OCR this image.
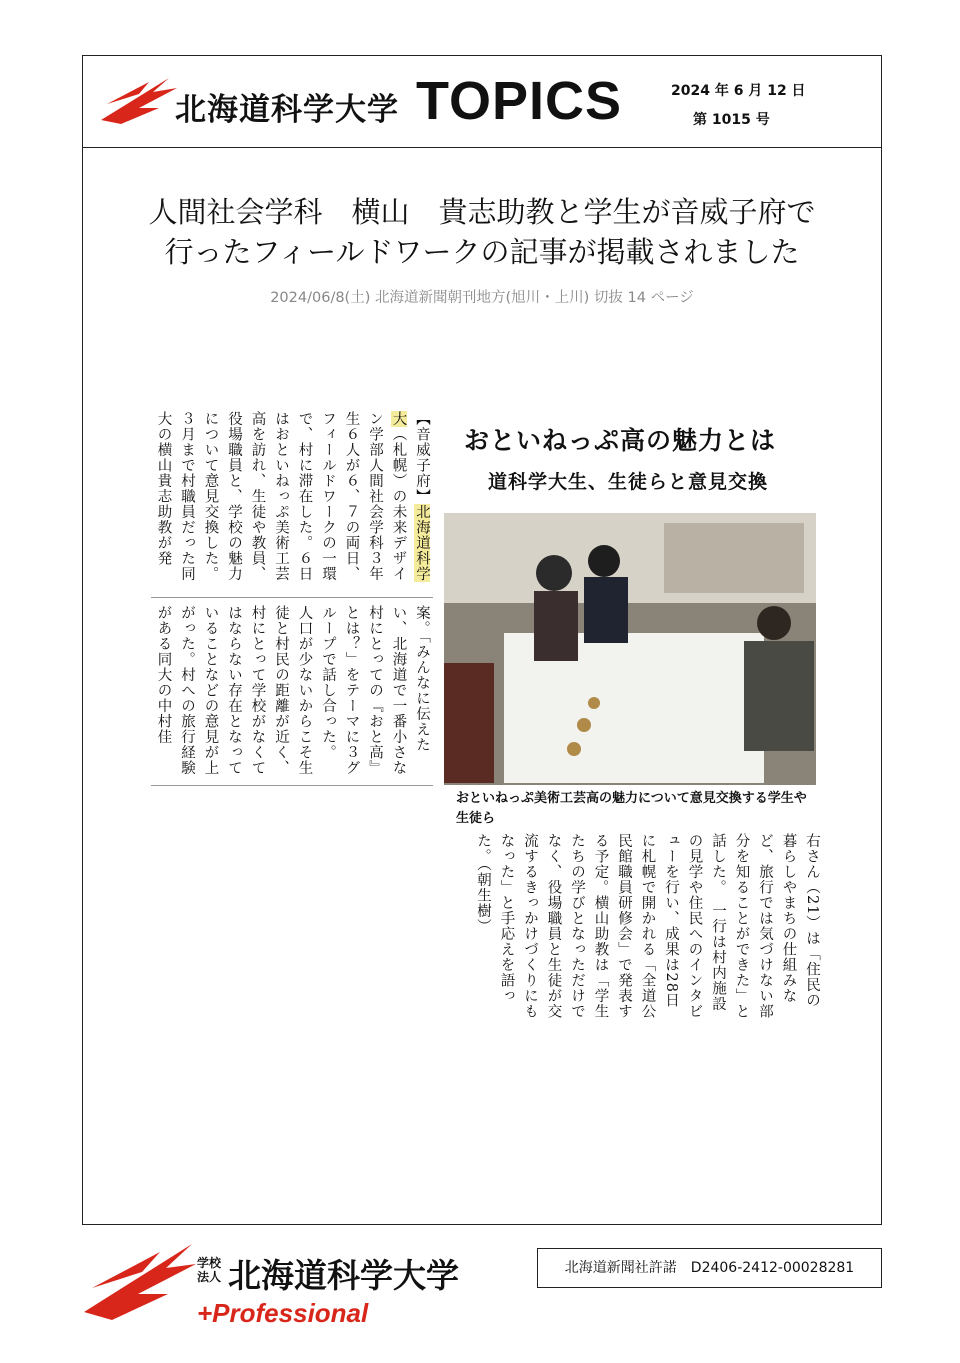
北海道科学大学 TOPICS	2024 年 6 月 12 日
第 1015 号
人間社会学科　横山　貴志助教と学生が音威子府で
行ったフィールドワークの記事が掲載されました
2024/06/8(土) 北海道新聞朝刊地方(旭川・上川) 切抜 14 ページ
【音威子府】北海道科学大（札幌）の未来デザイン学部人間社会学科３年生６人が６、７の両日、フィールドワークの一環で、村に滞在した。６日はおといねっぷ美術工芸高を訪れ、生徒や教員、役場職員と、学校の魅力について意見交換した。　３月まで村職員だった同大の横山貴志助教が発
案。「みんなに伝えたい、北海道で一番小さな村にとっての『おと高』とは？」をテーマに３グループで話し合った。　人口が少ないからこそ生徒と村民の距離が近く、村にとって学校がなくてはならない存在となっていることなどの意見が上がった。村への旅行経験がある同大の中村佳
おといねっぷ高の魅力とは
道科学大生、生徒らと意見交換
おといねっぷ美術工芸高の魅力について意見交換する学生や生徒ら
右さん（21）は「住民の暮らしやまちの仕組みなど、旅行では気づけない部分を知ることができた」と話した。　一行は村内施設の見学や住民へのインタビューを行い、成果は28日に札幌で開かれる「全道公民館職員研修会」で発表する予定。横山助教は「学生たちの学びとなっただけでなく、役場職員と生徒が交流するきっかけづくりにもなった」と手応えを語った。（朝生樹）
学校法人 北海道科学大学
+Professional
北海道新聞社許諾　D2406-2412-00028281
